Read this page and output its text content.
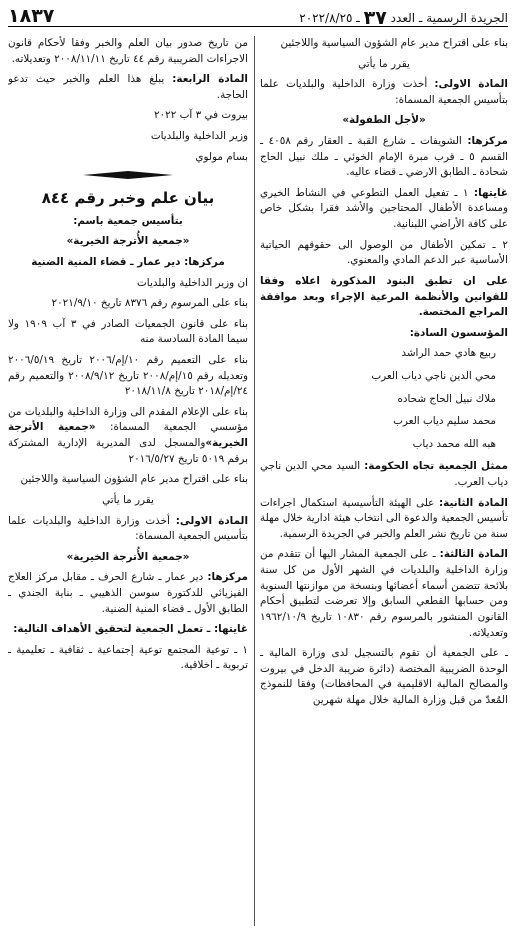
الجريدة الرسمية ـ العدد ٣٧ ـ ٢٠٢٢/٨/٢٥
١٨٣٧

بناء على اقتراح مدير عام الشؤون السياسية واللاجئين

يقرر ما يأتي

المادة الاولى: أخذت وزارة الداخلية والبلديات علما بتأسيس الجمعية المسماة:

«لأجل الطفولة»

مركزها: الشويفات ـ شارع القبة ـ العقار رقم ٤٠٥٨ ـ القسم ٥ ـ قرب مبرة الإمام الخوئي ـ ملك نبيل الحاج شحادة ـ الطابق الارضي ـ قضاء عاليه.

غايتها: ١ ـ تفعيل العمل التطوعي في النشاط الخيري ومساعدة الأطفال المحتاجين والأشد فقرا بشكل خاص على كافة الأراضي اللبنانية.

٢ ـ تمكين الأطفال من الوصول الى حقوقهم الحياتية الأساسية عبر الدعم المادي والمعنوي.

على ان تطبق البنود المذكورة اعلاه وفقا للقوانين والأنظمة المرعية الإجراء وبعد موافقة المراجع المختصة.

المؤسسون السادة:

ربيع هادي حمد الراشد

محي الدين ناجي دياب العرب

ملاك نبيل الحاج شحاده

محمد سليم دياب العرب

هبه الله محمد دياب

ممثل الجمعية تجاه الحكومة: السيد محي الدين ناجي دياب العرب.

المادة الثانية: على الهيئة التأسيسية استكمال اجراءات تأسيس الجمعية والدعوة الى انتخاب هيئة ادارية خلال مهلة سنة من تاريخ نشر العلم والخبر في الجريدة الرسمية.

المادة الثالثة: ـ على الجمعية المشار اليها أن تتقدم من وزارة الداخلية والبلديات في الشهر الأول من كل سنة بلائحة تتضمن أسماء أعضائها وبنسخة من موازنتها السنوية ومن حسابها القطعي السابق وإلا تعرضت لتطبيق أحكام القانون المنشور بالمرسوم رقم ١٠٨٣٠ تاريخ ١٩٦٢/١٠/٩ وتعديلاته.

ـ على الجمعية أن تقوم بالتسجيل لدى وزارة المالية ـ الوحدة الضريبية المختصة (دائرة ضريبة الدخل في بيروت والمصالح المالية الاقليمية في المحافظات) وفقا للنموذج المُعدّ من قبل وزارة المالية خلال مهلة شهرين

من تاريخ صدور بيان العلم والخبر وفقا لأحكام قانون الاجراءات الضريبية رقم ٤٤ تاريخ ٢٠٠٨/١١/١١ وتعديلاته.

المادة الرابعة: يبلغ هذا العلم والخبر حيث تدعو الحاجة.

بيروت في ٣ آب ٢٠٢٢

وزير الداخلية والبلديات

بسام مولوي

بيان علم وخبر رقم ٨٤٤

بتأسيس جمعية باسم:

«جمعية الأُترجة الخيرية»

مركزها: دير عمار ـ قضاء المنية الضنية

ان وزير الداخلية والبلديات

بناء على المرسوم رقم ٨٣٧٦ تاريخ ٢٠٢١/٩/١٠

بناء على قانون الجمعيات الصادر في ٣ آب ١٩٠٩ ولا سيما المادة السادسة منه

بناء على التعميم رقم ١٠/إم/٢٠٠٦ تاريخ ٢٠٠٦/٥/١٩ وتعديله رقم ١٥/إم/٢٠٠٨ تاريخ ٢٠٠٨/٩/١٢ والتعميم رقم ٢٤/إم/٢٠١٨ تاريخ ٢٠١٨/١١/٨

بناء على الإعلام المقدم الى وزارة الداخلية والبلديات من مؤسسي الجمعية المسماة: «جمعية الأترجة الخيرية»والمسجل لدى المديرية الإدارية المشتركة برقم ٥٠١٩ تاريخ ٢٠١٦/٥/٢٧

بناء على اقتراح مدير عام الشؤون السياسية واللاجئين

يقرر ما يأتي

المادة الاولى: أخذت وزارة الداخلية والبلديات علما بتأسيس الجمعية المسماة:

«جمعية الأُترجة الخيرية»

مركزها: دير عمار ـ شارع الحرف ـ مقابل مركز العلاج الفيزيائي للدكتورة سوسن الذهيبي ـ بناية الجندي ـ الطابق الأول ـ قضاء المنية الضنية.

غايتها: ـ تعمل الجمعية لتحقيق الأهداف التالية:

١ ـ توعية المجتمع توعية إجتماعية ـ ثقافية ـ تعليمية ـ تربوية ـ اخلاقية.
